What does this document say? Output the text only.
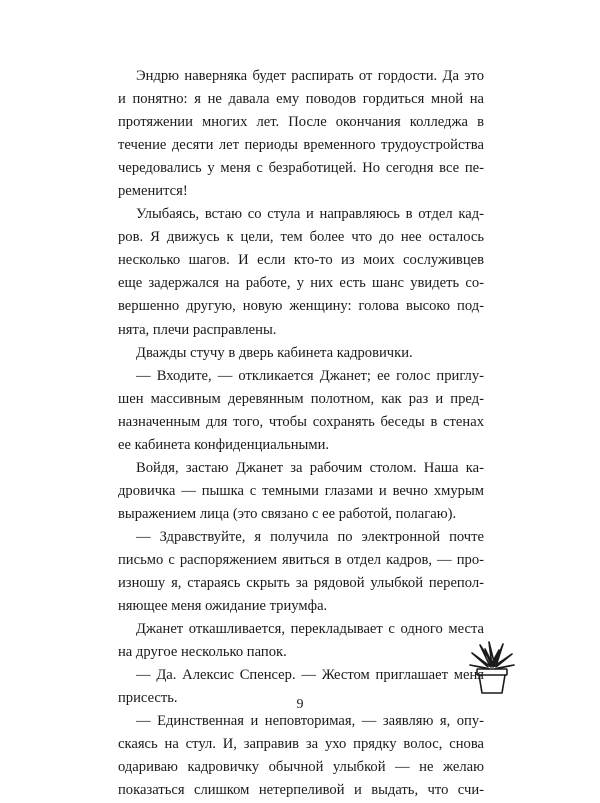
Эндрю наверняка будет распирать от гордости. Да это
и понятно: я не давала ему поводов гордиться мной на
протяжении многих лет. После окончания колледжа в
течение десяти лет периоды временного трудоустройства
чередовались у меня с безработицей. Но сегодня все пе-
ременится!
Улыбаясь, встаю со стула и направляюсь в отдел кад-
ров. Я движусь к цели, тем более что до нее осталось
несколько шагов. И если кто-то из моих сослуживцев
еще задержался на работе, у них есть шанс увидеть со-
вершенно другую, новую женщину: голова высоко под-
нята, плечи расправлены.
Дважды стучу в дверь кабинета кадровички.
— Входите, — откликается Джанет; ее голос приглу-
шен массивным деревянным полотном, как раз и пред-
назначенным для того, чтобы сохранять беседы в стенах
ее кабинета конфиденциальными.
Войдя, застаю Джанет за рабочим столом. Наша ка-
дровичка — пышка с темными глазами и вечно хмурым
выражением лица (это связано с ее работой, полагаю).
— Здравствуйте, я получила по электронной почте
письмо с распоряжением явиться в отдел кадров, — про-
изношу я, стараясь скрыть за рядовой улыбкой перепол-
няющее меня ожидание триумфа.
Джанет откашливается, перекладывает с одного места
на другое несколько папок.
— Да. Алексис Спенсер. — Жестом приглашает меня
присесть.
— Единственная и неповторимая, — заявляю я, опу-
скаясь на стул. И, заправив за ухо прядку волос, снова
одариваю кадровичку обычной улыбкой — не желаю
показаться слишком нетерпеливой и выдать, что счи-
9
